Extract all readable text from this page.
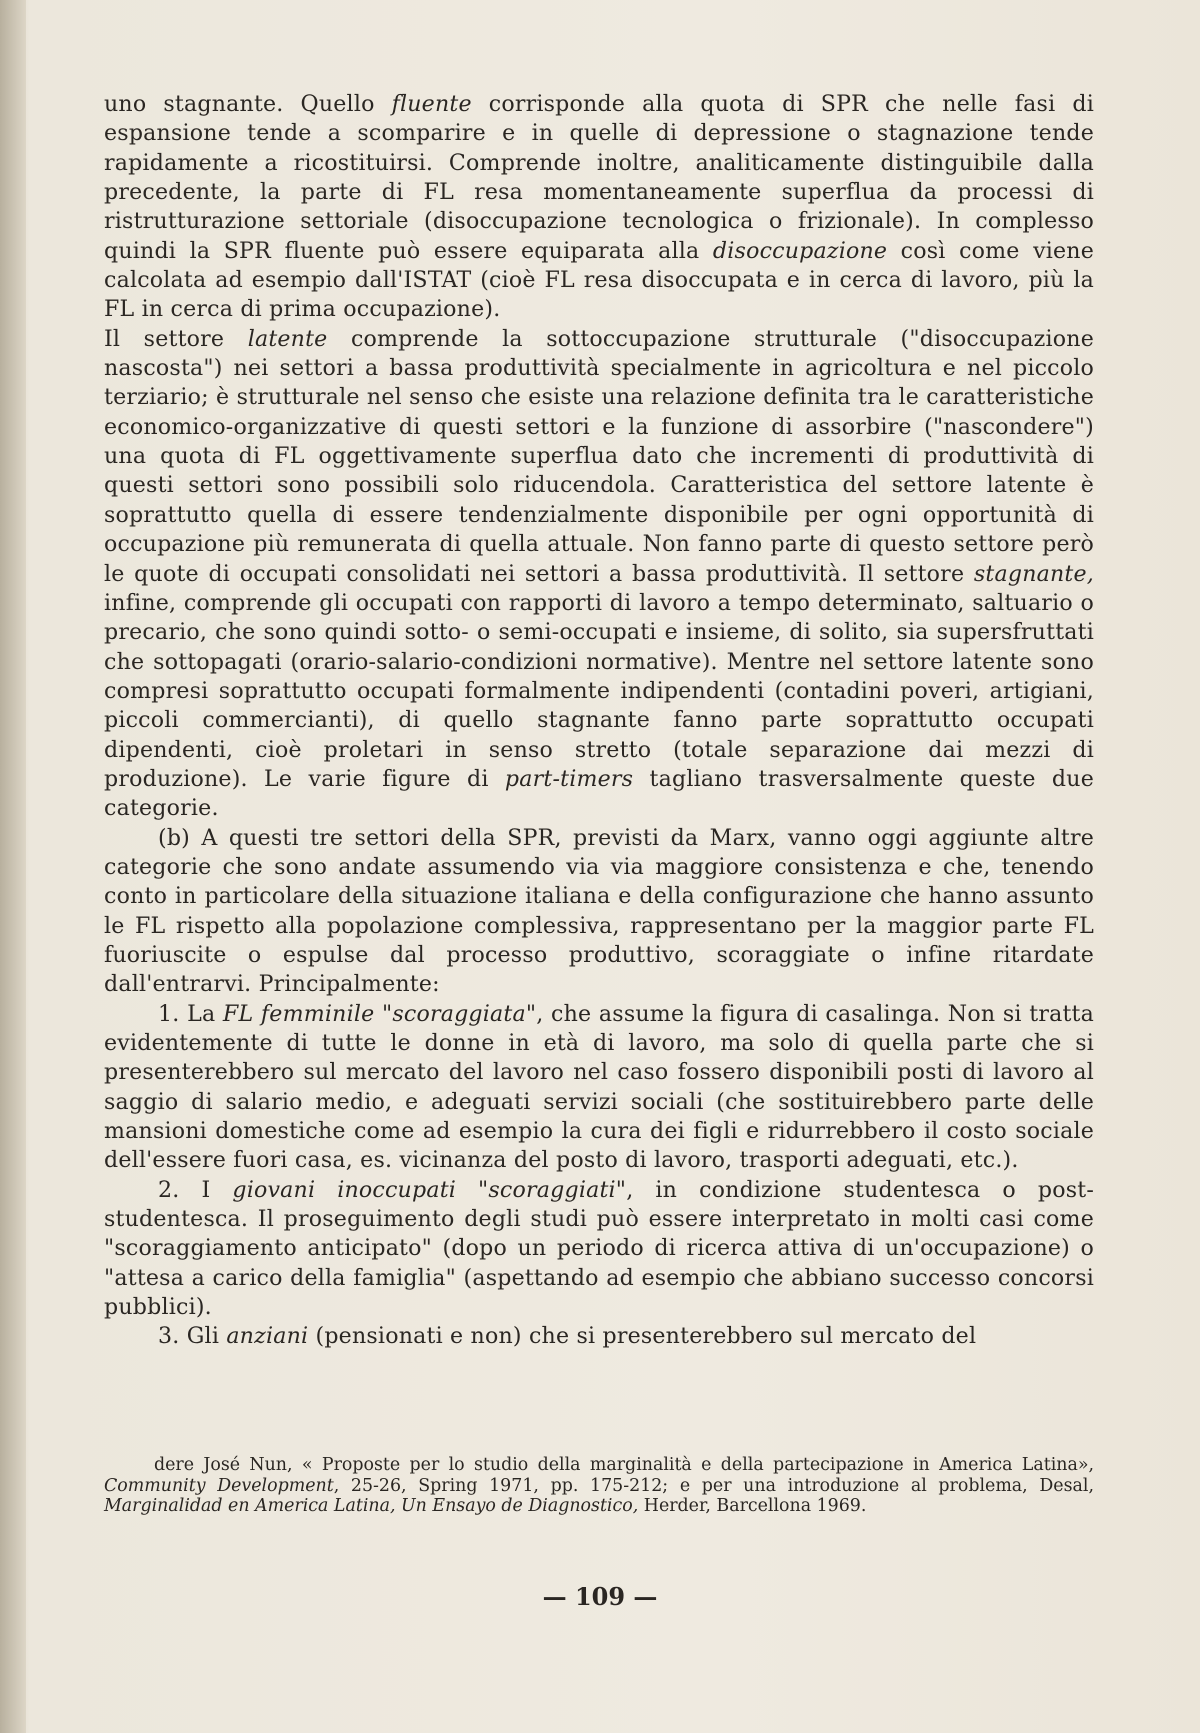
uno stagnante. Quello fluente corrisponde alla quota di SPR che nelle fasi di espansione tende a scomparire e in quelle di depressione o stagnazione tende rapidamente a ricostituirsi. Comprende inoltre, analiticamente distinguibile dalla precedente, la parte di FL resa momentaneamente superflua da processi di ristrutturazione settoriale (disoccupazione tecnologica o frizionale). In complesso quindi la SPR fluente può essere equiparata alla disoccupazione così come viene calcolata ad esempio dall'ISTAT (cioè FL resa disoccupata e in cerca di lavoro, più la FL in cerca di prima occupazione).

Il settore latente comprende la sottoccupazione strutturale ("disoccupazione nascosta") nei settori a bassa produttività specialmente in agricoltura e nel piccolo terziario; è strutturale nel senso che esiste una relazione definita tra le caratteristiche economico-organizzative di questi settori e la funzione di assorbire ("nascondere") una quota di FL oggettivamente superflua dato che incrementi di produttività di questi settori sono possibili solo riducendola. Caratteristica del settore latente è soprattutto quella di essere tendenzialmente disponibile per ogni opportunità di occupazione più remunerata di quella attuale. Non fanno parte di questo settore però le quote di occupati consolidati nei settori a bassa produttività. Il settore stagnante, infine, comprende gli occupati con rapporti di lavoro a tempo determinato, saltuario o precario, che sono quindi sotto- o semi-occupati e insieme, di solito, sia supersfruttati che sottopagati (orario-salario-condizioni normative). Mentre nel settore latente sono compresi soprattutto occupati formalmente indipendenti (contadini poveri, artigiani, piccoli commercianti), di quello stagnante fanno parte soprattutto occupati dipendenti, cioè proletari in senso stretto (totale separazione dai mezzi di produzione). Le varie figure di part-timers tagliano trasversalmente queste due categorie.

(b) A questi tre settori della SPR, previsti da Marx, vanno oggi aggiunte altre categorie che sono andate assumendo via via maggiore consistenza e che, tenendo conto in particolare della situazione italiana e della configurazione che hanno assunto le FL rispetto alla popolazione complessiva, rappresentano per la maggior parte FL fuoriuscite o espulse dal processo produttivo, scoraggiate o infine ritardate dall'entrarvi. Principalmente:

1. La FL femminile "scoraggiata", che assume la figura di casalinga. Non si tratta evidentemente di tutte le donne in età di lavoro, ma solo di quella parte che si presenterebbero sul mercato del lavoro nel caso fossero disponibili posti di lavoro al saggio di salario medio, e adeguati servizi sociali (che sostituirebbero parte delle mansioni domestiche come ad esempio la cura dei figli e ridurrebbero il costo sociale dell'essere fuori casa, es. vicinanza del posto di lavoro, trasporti adeguati, etc.).

2. I giovani inoccupati "scoraggiati", in condizione studentesca o post-studentesca. Il proseguimento degli studi può essere interpretato in molti casi come "scoraggiamento anticipato" (dopo un periodo di ricerca attiva di un'occupazione) o "attesa a carico della famiglia" (aspettando ad esempio che abbiano successo concorsi pubblici).

3. Gli anziani (pensionati e non) che si presenterebbero sul mercato del

dere José Nun, « Proposte per lo studio della marginalità e della partecipazione in America Latina», Community Development, 25-26, Spring 1971, pp. 175-212; e per una introduzione al problema, Desal, Marginalidad en America Latina, Un Ensayo de Diagnostico, Herder, Barcellona 1969.
— 109 —
